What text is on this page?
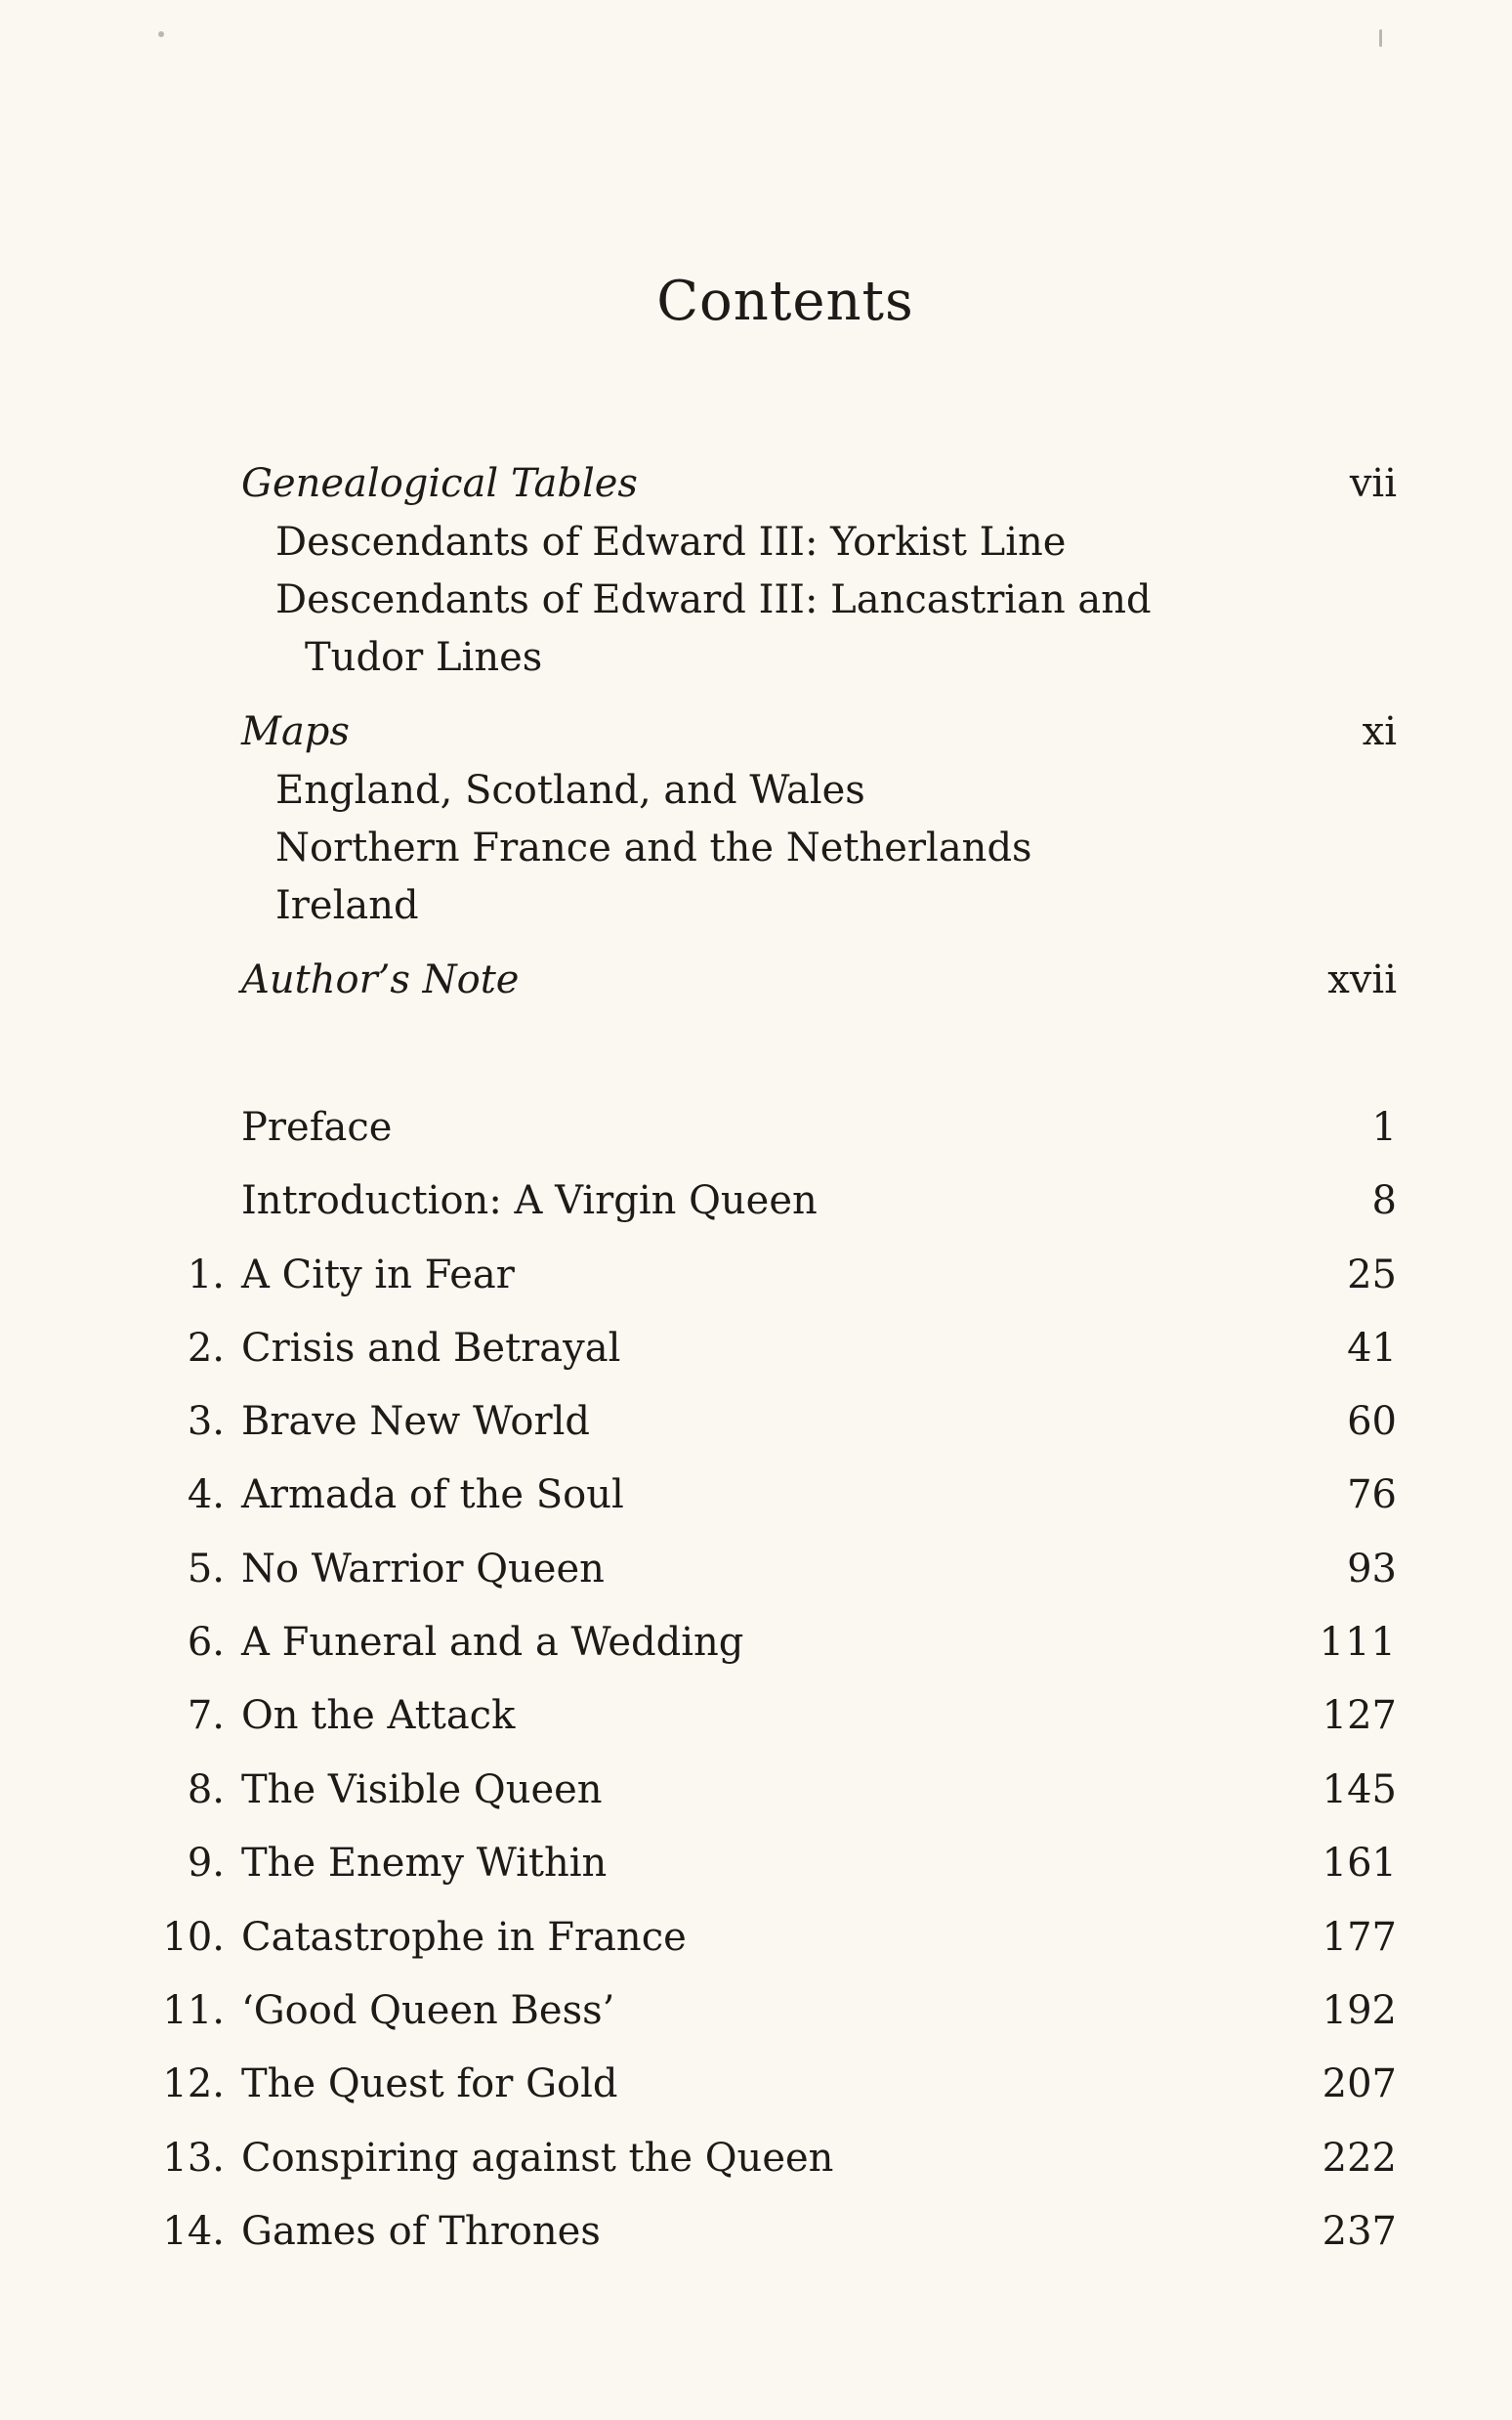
Contents
Genealogical Tables	vii
Descendants of Edward III: Yorkist Line
Descendants of Edward III: Lancastrian and
Tudor Lines
Maps	xi
England, Scotland, and Wales
Northern France and the Netherlands
Ireland
Author’s Note	xvii
Preface	1
Introduction: A Virgin Queen	8
1. A City in Fear	25
2. Crisis and Betrayal	41
3. Brave New World	60
4. Armada of the Soul	76
5. No Warrior Queen	93
6. A Funeral and a Wedding	111
7. On the Attack	127
8. The Visible Queen	145
9. The Enemy Within	161
10. Catastrophe in France	177
11. ‘Good Queen Bess’	192
12. The Quest for Gold	207
13. Conspiring against the Queen	222
14. Games of Thrones	237
